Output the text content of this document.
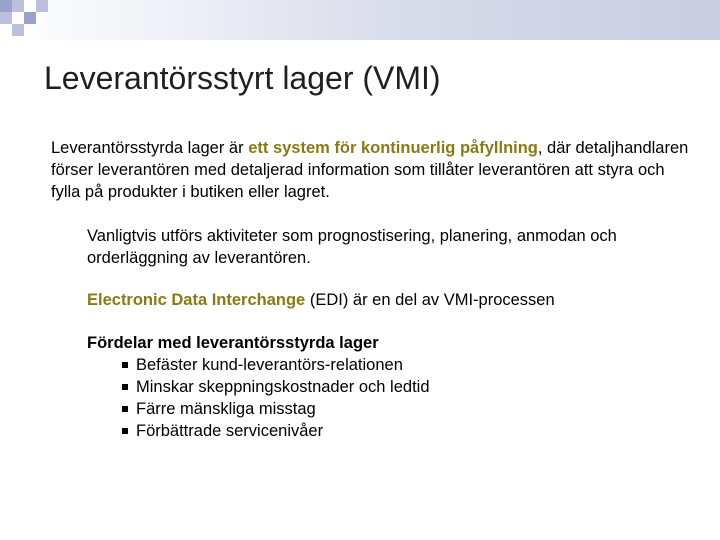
Leverantörsstyrt lager (VMI)
Leverantörsstyrda lager är ett system för kontinuerlig påfyllning, där detaljhandlaren förser leverantören med detaljerad information som tillåter leverantören att styra och fylla på produkter i butiken eller lagret.
Vanligtvis utförs aktiviteter som prognostisering, planering, anmodan och orderläggning av leverantören.
Electronic Data Interchange (EDI) är en del av VMI-processen
Fördelar med leverantörsstyrda lager
Befäster kund-leverantörs-relationen
Minskar skeppningskostnader och ledtid
Färre mänskliga misstag
Förbättrade servicenivåer
